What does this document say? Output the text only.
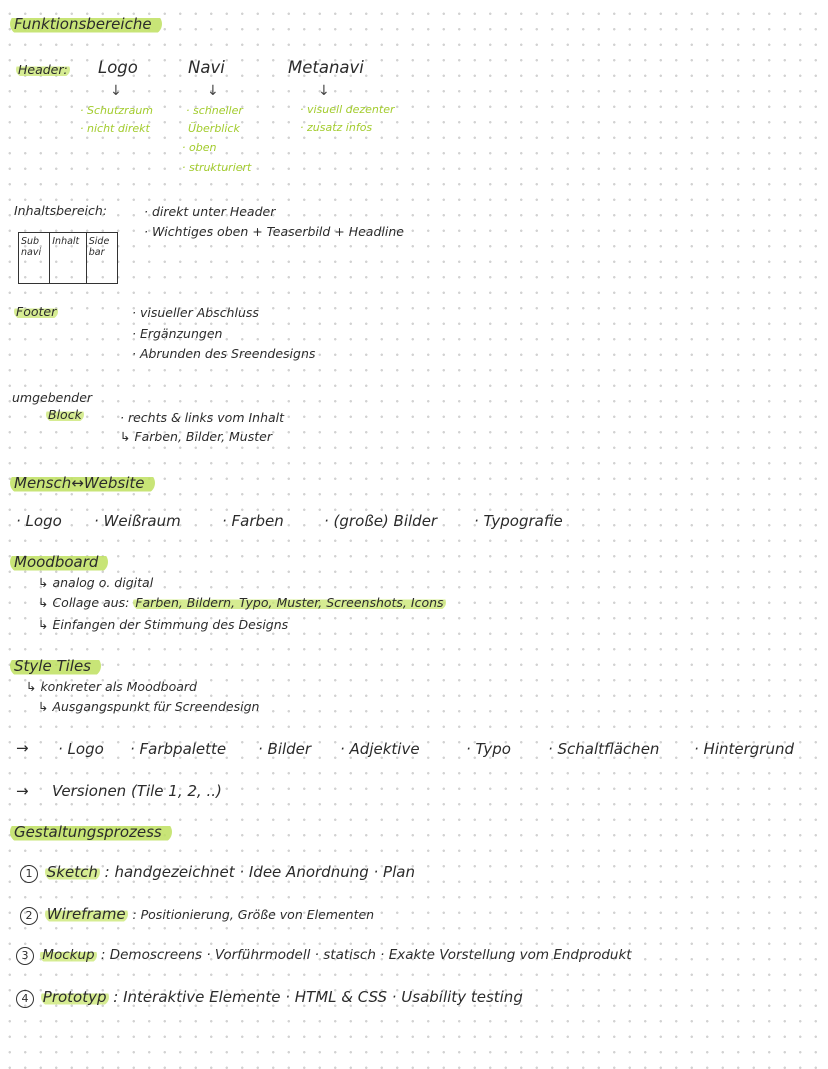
Funktionsbereiche
Header: Logo
↓
· Schutzraum
· nicht direkt
Navi
↓
· schneller
Überblick
· oben
· strukturiert
Metanavi
↓
· visuell dezenter
· zusatz infos
Inhaltsbereich:	· direkt unter Header
· Wichtiges oben + Teaserbild + Headline
Sub navi
Inhalt Side bar
Footer	· visueller Abschluss
· Ergänzungen
· Abrunden des Sreendesigns
umgebender
Block	· rechts & links vom Inhalt
↳ Farben, Bilder, Muster
Mensch↔Website
· Logo · Weißraum	· Farben	· (große) Bilder · Typografie
Moodboard
↳ analog o. digital
↳ Collage aus: Farben, Bildern, Typo, Muster, Screenshots, Icons
↳ Einfangen der Stimmung des Designs
Style Tiles
↳ konkreter als Moodboard
↳ Ausgangspunkt für Screendesign
→ · Logo · Farbpalette · Bilder · Adjektive	· Typo · Schaltflächen · Hintergrund
→ Versionen (Tile 1, 2, ..)
Gestaltungsprozess
1 Sketch : handgezeichnet · Idee Anordnung · Plan
2 Wireframe : Positionierung, Größe von Elementen
3 Mockup : Demoscreens · Vorführmodell · statisch · Exakte Vorstellung vom Endprodukt
4 Prototyp : Interaktive Elemente · HTML & CSS · Usability testing
